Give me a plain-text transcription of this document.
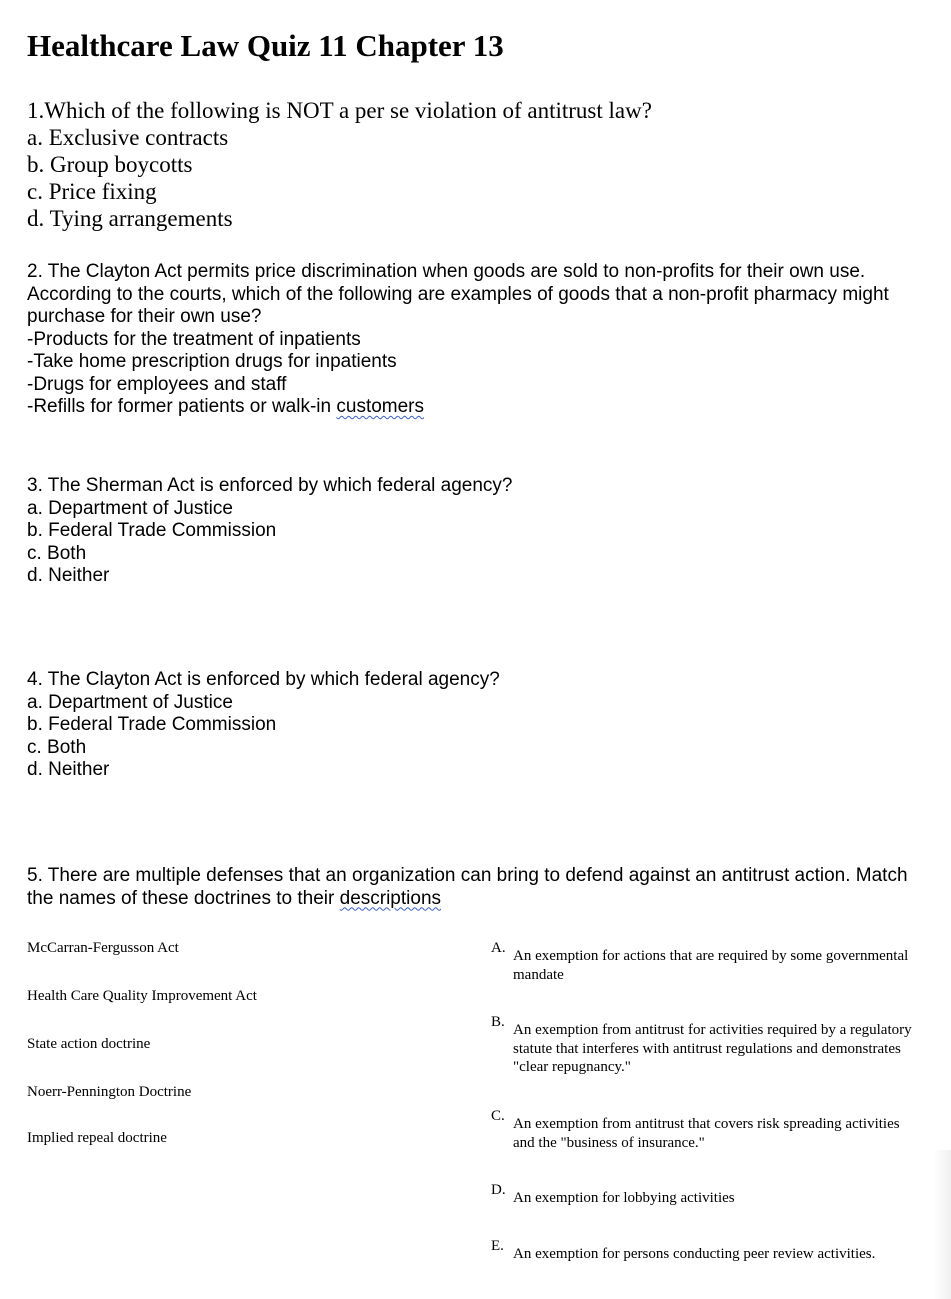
Healthcare Law Quiz 11 Chapter 13
1.Which of the following is NOT a per se violation of antitrust law?
a. Exclusive contracts
b. Group boycotts
c. Price fixing
d. Tying arrangements
2. The Clayton Act permits price discrimination when goods are sold to non-profits for their own use.
According to the courts, which of the following are examples of goods that a non-profit pharmacy might
purchase for their own use?
-Products for the treatment of inpatients
-Take home prescription drugs for inpatients
-Drugs for employees and staff
-Refills for former patients or walk-in customers
3. The Sherman Act is enforced by which federal agency?
a. Department of Justice
b. Federal Trade Commission
c. Both
d. Neither
4. The Clayton Act is enforced by which federal agency?
a. Department of Justice
b. Federal Trade Commission
c. Both
d. Neither
5. There are multiple defenses that an organization can bring to defend against an antitrust action. Match
the names of these doctrines to their descriptions
McCarran-Fergusson Act
Health Care Quality Improvement Act
State action doctrine
Noerr-Pennington Doctrine
Implied repeal doctrine
A. An exemption for actions that are required by some governmental
mandate
B. An exemption from antitrust for activities required by a regulatory
statute that interferes with antitrust regulations and demonstrates
"clear repugnancy."
C. An exemption from antitrust that covers risk spreading activities
and the "business of insurance."
D. An exemption for lobbying activities
E. An exemption for persons conducting peer review activities.
